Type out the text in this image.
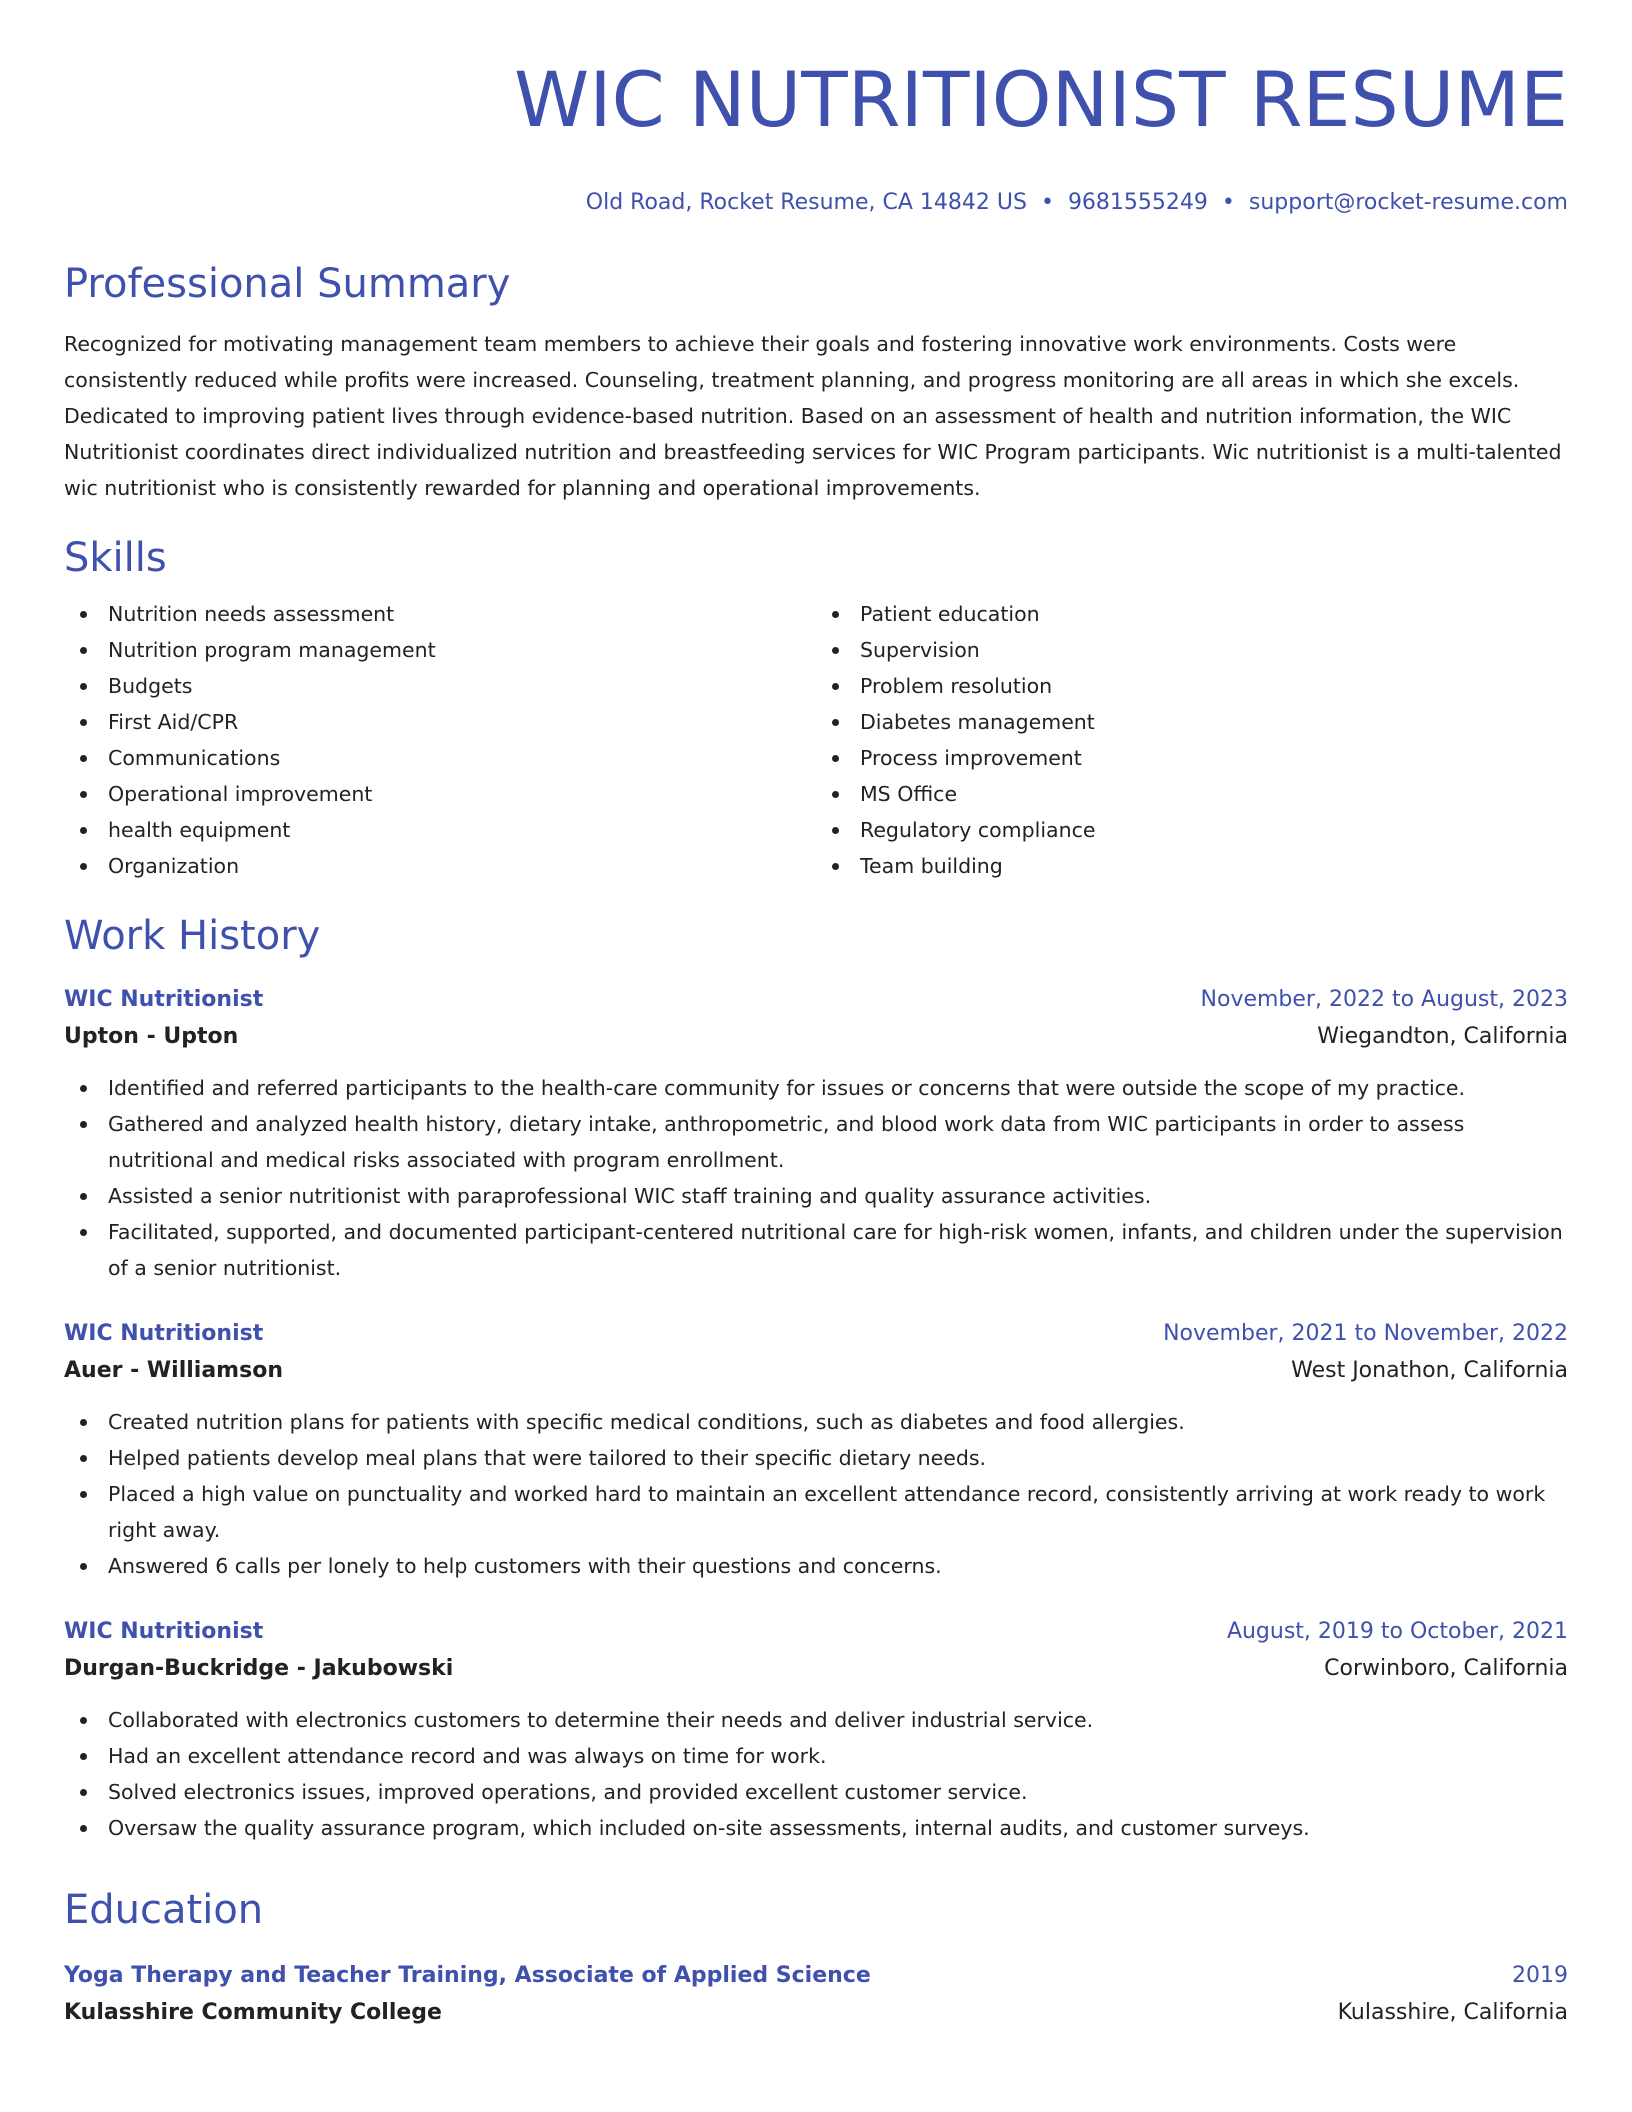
WIC NUTRITIONIST RESUME
Old Road, Rocket Resume, CA 14842 US • 9681555249 • support@rocket-resume.com
Professional Summary

Recognized for motivating management team members to achieve their goals and fostering innovative work environments. Costs were consistently reduced while profits were increased. Counseling, treatment planning, and progress monitoring are all areas in which she excels. Dedicated to improving patient lives through evidence-based nutrition. Based on an assessment of health and nutrition information, the WIC Nutritionist coordinates direct individualized nutrition and breastfeeding services for WIC Program participants. Wic nutritionist is a multi-talented wic nutritionist who is consistently rewarded for planning and operational improvements.

Skills
Nutrition needs assessment
Nutrition program management
Budgets
First Aid/CPR
Communications
Operational improvement
health equipment
Organization
Patient education
Supervision
Problem resolution
Diabetes management
Process improvement
MS Office
Regulatory compliance
Team building
Work History
WIC Nutritionist	November, 2022 to August, 2023
Upton - Upton	Wiegandton, California
Identified and referred participants to the health-care community for issues or concerns that were outside the scope of my practice.
Gathered and analyzed health history, dietary intake, anthropometric, and blood work data from WIC participants in order to assess nutritional and medical risks associated with program enrollment.
Assisted a senior nutritionist with paraprofessional WIC staff training and quality assurance activities.
Facilitated, supported, and documented participant-centered nutritional care for high-risk women, infants, and children under the supervision of a senior nutritionist.
WIC Nutritionist	November, 2021 to November, 2022
Auer - Williamson	West Jonathon, California
Created nutrition plans for patients with specific medical conditions, such as diabetes and food allergies.
Helped patients develop meal plans that were tailored to their specific dietary needs.
Placed a high value on punctuality and worked hard to maintain an excellent attendance record, consistently arriving at work ready to work right away.
Answered 6 calls per lonely to help customers with their questions and concerns.
WIC Nutritionist	August, 2019 to October, 2021
Durgan-Buckridge - Jakubowski	Corwinboro, California
Collaborated with electronics customers to determine their needs and deliver industrial service.
Had an excellent attendance record and was always on time for work.
Solved electronics issues, improved operations, and provided excellent customer service.
Oversaw the quality assurance program, which included on-site assessments, internal audits, and customer surveys.
Education
Yoga Therapy and Teacher Training, Associate of Applied Science	2019
Kulasshire Community College	Kulasshire, California
